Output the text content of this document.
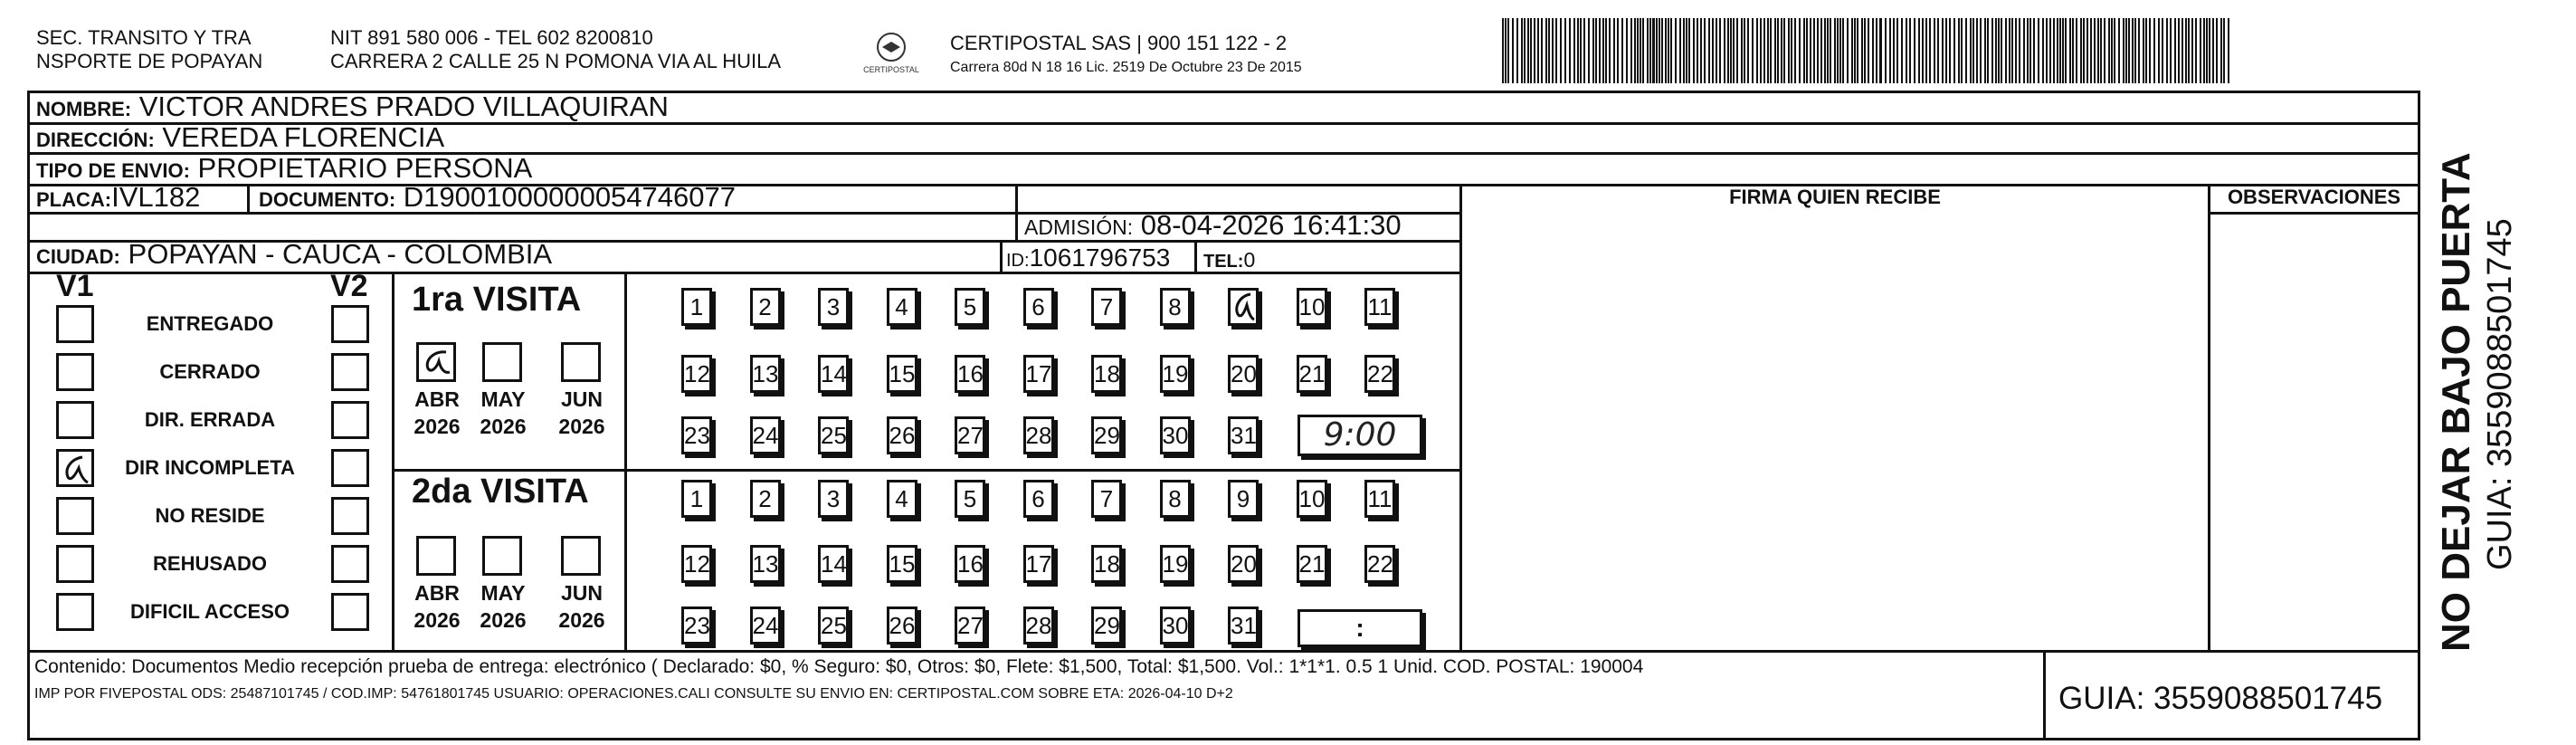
SEC. TRANSITO Y TRA
NSPORTE DE POPAYAN
NIT 891 580 006 - TEL 602 8200810
CARRERA 2 CALLE 25 N POMONA VIA AL HUILA	CERTIPOSTAL
CERTIPOSTAL SAS | 900 151 122 - 2
Carrera 80d N 18 16 Lic. 2519 De Octubre 23 De 2015
NOMBRE: VICTOR ANDRES PRADO VILLAQUIRAN
DIRECCIÓN: VEREDA FLORENCIA
TIPO DE ENVIO: PROPIETARIO PERSONA
PLACA:IVL182	DOCUMENTO: D19001000000054746077
ADMISIÓN: 08-04-2026 16:41:30
CIUDAD: POPAYAN - CAUCA - COLOMBIA	ID:1061796753 TEL:0
FIRMA QUIEN RECIBE	OBSERVACIONES
V1	V2
ENTREGADO
CERRADO
DIR. ERRADA
DIR INCOMPLETA
NO RESIDE
REHUSADO
DIFICIL ACCESO
1ra VISITA
2da VISITA
ABR
2026
MAY
2026
JUN
2026
ABR
2026
MAY
2026
JUN
2026
1	2	3	4	5	6	7	8	10 11
12 13 14 15 16 17 18 19 20 21 22
23 24 25 26 27 28 29 30 31
1	2	3	4	5	6	7	8	9	10 11
12 13 14 15 16 17 18 19 20 21 22
23 24 25 26 27 28 29 30 31
9:00
:
Contenido: Documentos Medio recepción prueba de entrega: electrónico ( Declarado: $0, % Seguro: $0, Otros: $0, Flete: $1,500, Total: $1,500. Vol.: 1*1*1. 0.5 1 Unid. COD. POSTAL: 190004
IMP POR FIVEPOSTAL ODS: 25487101745 / COD.IMP: 54761801745 USUARIO: OPERACIONES.CALI CONSULTE SU ENVIO EN: CERTIPOSTAL.COM SOBRE ETA: 2026-04-10 D+2	GUIA: 3559088501745
NO DEJAR BAJO PUERTA GUIA: 3559088501745
